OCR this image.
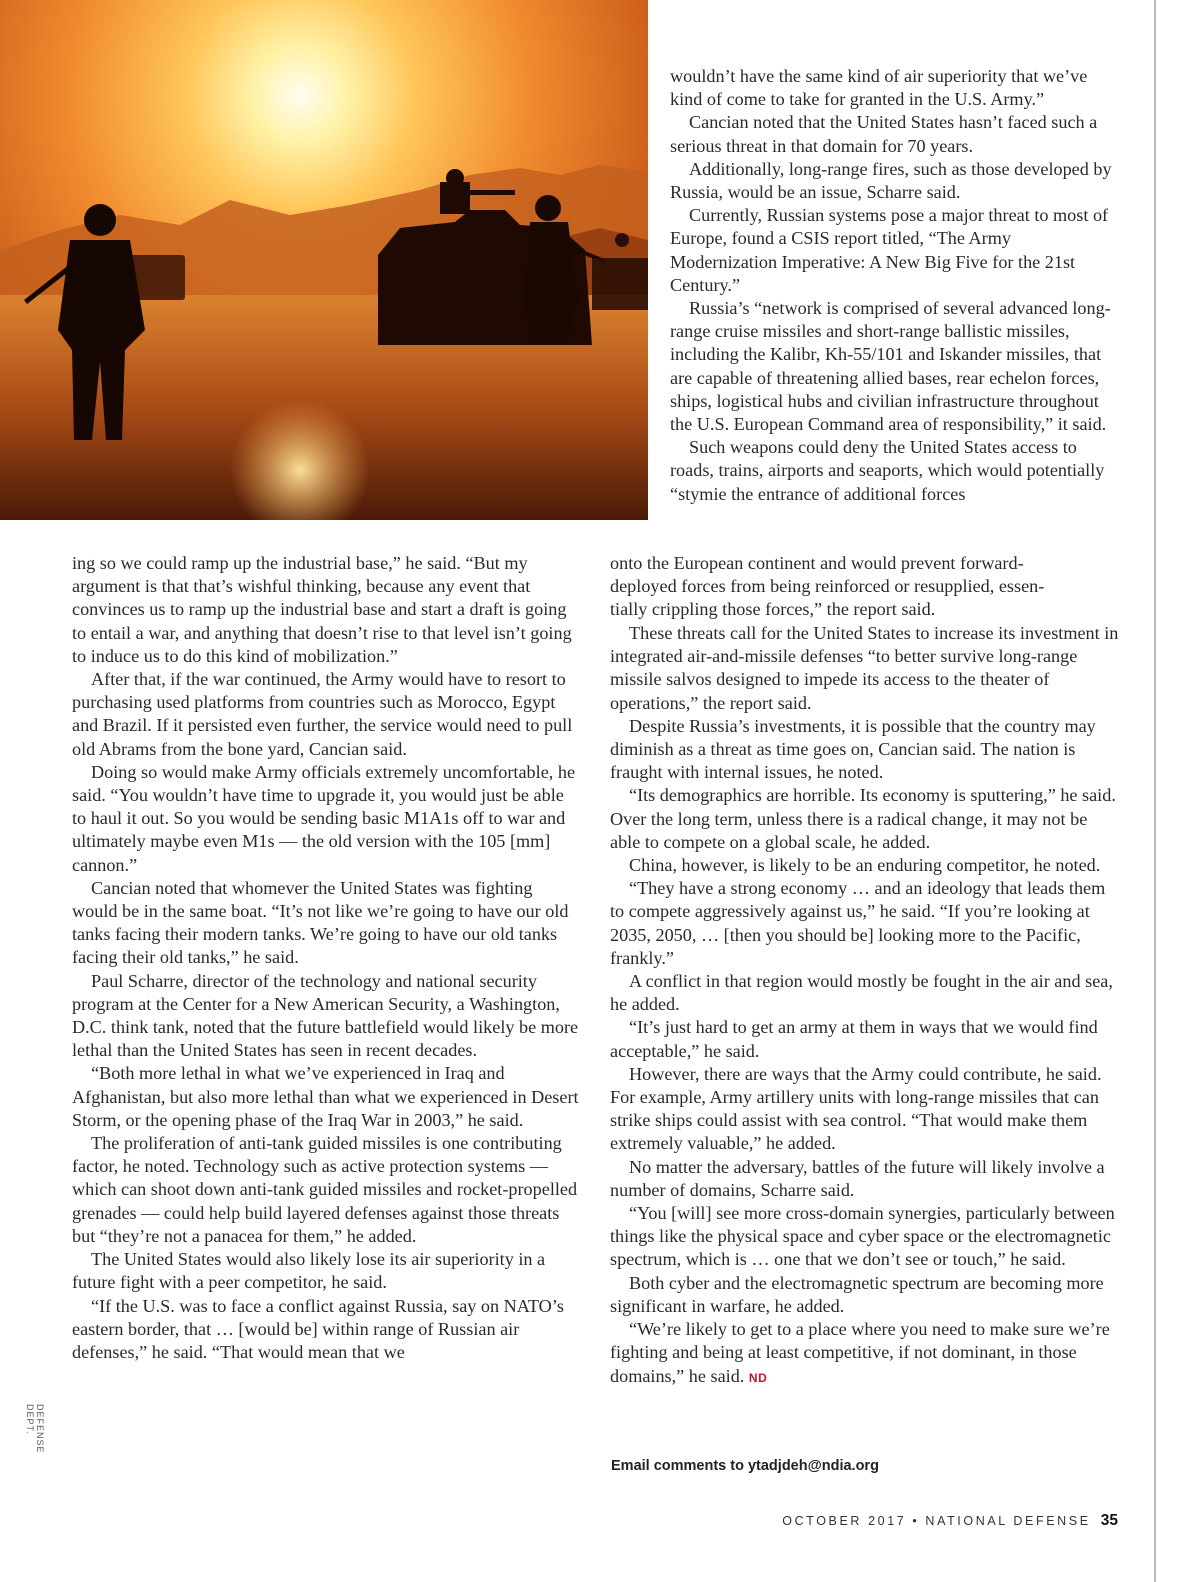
wouldn’t have the same kind of air superiority that we’ve kind of come to take for granted in the U.S. Army.”

Cancian noted that the United States hasn’t faced such a serious threat in that domain for 70 years.

Additionally, long-range fires, such as those developed by Russia, would be an issue, Scharre said.

Currently, Russian systems pose a major threat to most of Europe, found a CSIS report titled, “The Army Modernization Imperative: A New Big Five for the 21st Century.”

Russia’s “network is comprised of several advanced long-range cruise missiles and short-range ballistic missiles, including the Kalibr, Kh-55/101 and Iskander missiles, that are capable of threatening allied bases, rear echelon forces, ships, logistical hubs and civilian infrastructure throughout the U.S. European Command area of responsibility,” it said.

Such weapons could deny the United States access to roads, trains, airports and seaports, which would potentially “stymie the entrance of additional forces

onto the European continent and would prevent forward-
deployed forces from being reinforced or resupplied, essen-
tially crippling those forces,” the report said.

ing so we could ramp up the industrial base,” he said. “But my argument is that that’s wishful thinking, because any event that convinces us to ramp up the industrial base and start a draft is going to entail a war, and anything that doesn’t rise to that level isn’t going to induce us to do this kind of mobilization.”

After that, if the war continued, the Army would have to resort to purchasing used platforms from countries such as Morocco, Egypt and Brazil. If it persisted even further, the service would need to pull old Abrams from the bone yard, Cancian said.

Doing so would make Army officials extremely uncomfortable, he said. “You wouldn’t have time to upgrade it, you would just be able to haul it out. So you would be sending basic M1A1s off to war and ultimately maybe even M1s — the old version with the 105 [mm] cannon.”

Cancian noted that whomever the United States was fighting would be in the same boat. “It’s not like we’re going to have our old tanks facing their modern tanks. We’re going to have our old tanks facing their old tanks,” he said.

Paul Scharre, director of the technology and national security program at the Center for a New American Security, a Washington, D.C. think tank, noted that the future battlefield would likely be more lethal than the United States has seen in recent decades.

“Both more lethal in what we’ve experienced in Iraq and Afghanistan, but also more lethal than what we experienced in Desert Storm, or the opening phase of the Iraq War in 2003,” he said.

The proliferation of anti-tank guided missiles is one contributing factor, he noted. Technology such as active protection systems — which can shoot down anti-tank guided missiles and rocket-propelled grenades — could help build layered defenses against those threats but “they’re not a panacea for them,” he added.

The United States would also likely lose its air superiority in a future fight with a peer competitor, he said.

“If the U.S. was to face a conflict against Russia, say on NATO’s eastern border, that … [would be] within range of Russian air defenses,” he said. “That would mean that we

These threats call for the United States to increase its investment in integrated air-and-missile defenses “to better survive long-range missile salvos designed to impede its access to the theater of operations,” the report said.

Despite Russia’s investments, it is possible that the country may diminish as a threat as time goes on, Cancian said. The nation is fraught with internal issues, he noted.

“Its demographics are horrible. Its economy is sputtering,” he said. Over the long term, unless there is a radical change, it may not be able to compete on a global scale, he added.

China, however, is likely to be an enduring competitor, he noted.

“They have a strong economy … and an ideology that leads them to compete aggressively against us,” he said. “If you’re looking at 2035, 2050, … [then you should be] looking more to the Pacific, frankly.”

A conflict in that region would mostly be fought in the air and sea, he added.

“It’s just hard to get an army at them in ways that we would find acceptable,” he said.

However, there are ways that the Army could contribute, he said. For example, Army artillery units with long-range missiles that can strike ships could assist with sea control. “That would make them extremely valuable,” he added.

No matter the adversary, battles of the future will likely involve a number of domains, Scharre said.

“You [will] see more cross-domain synergies, particularly between things like the physical space and cyber space or the electromagnetic spectrum, which is … one that we don’t see or touch,” he said.

Both cyber and the electromagnetic spectrum are becoming more significant in warfare, he added.

“We’re likely to get to a place where you need to make sure we’re fighting and being at least competitive, if not dominant, in those domains,” he said. ND

Email comments to ytadjdeh@ndia.org
DEFENSE DEPT.
OCTOBER 2017 • NATIONAL DEFENSE 35
